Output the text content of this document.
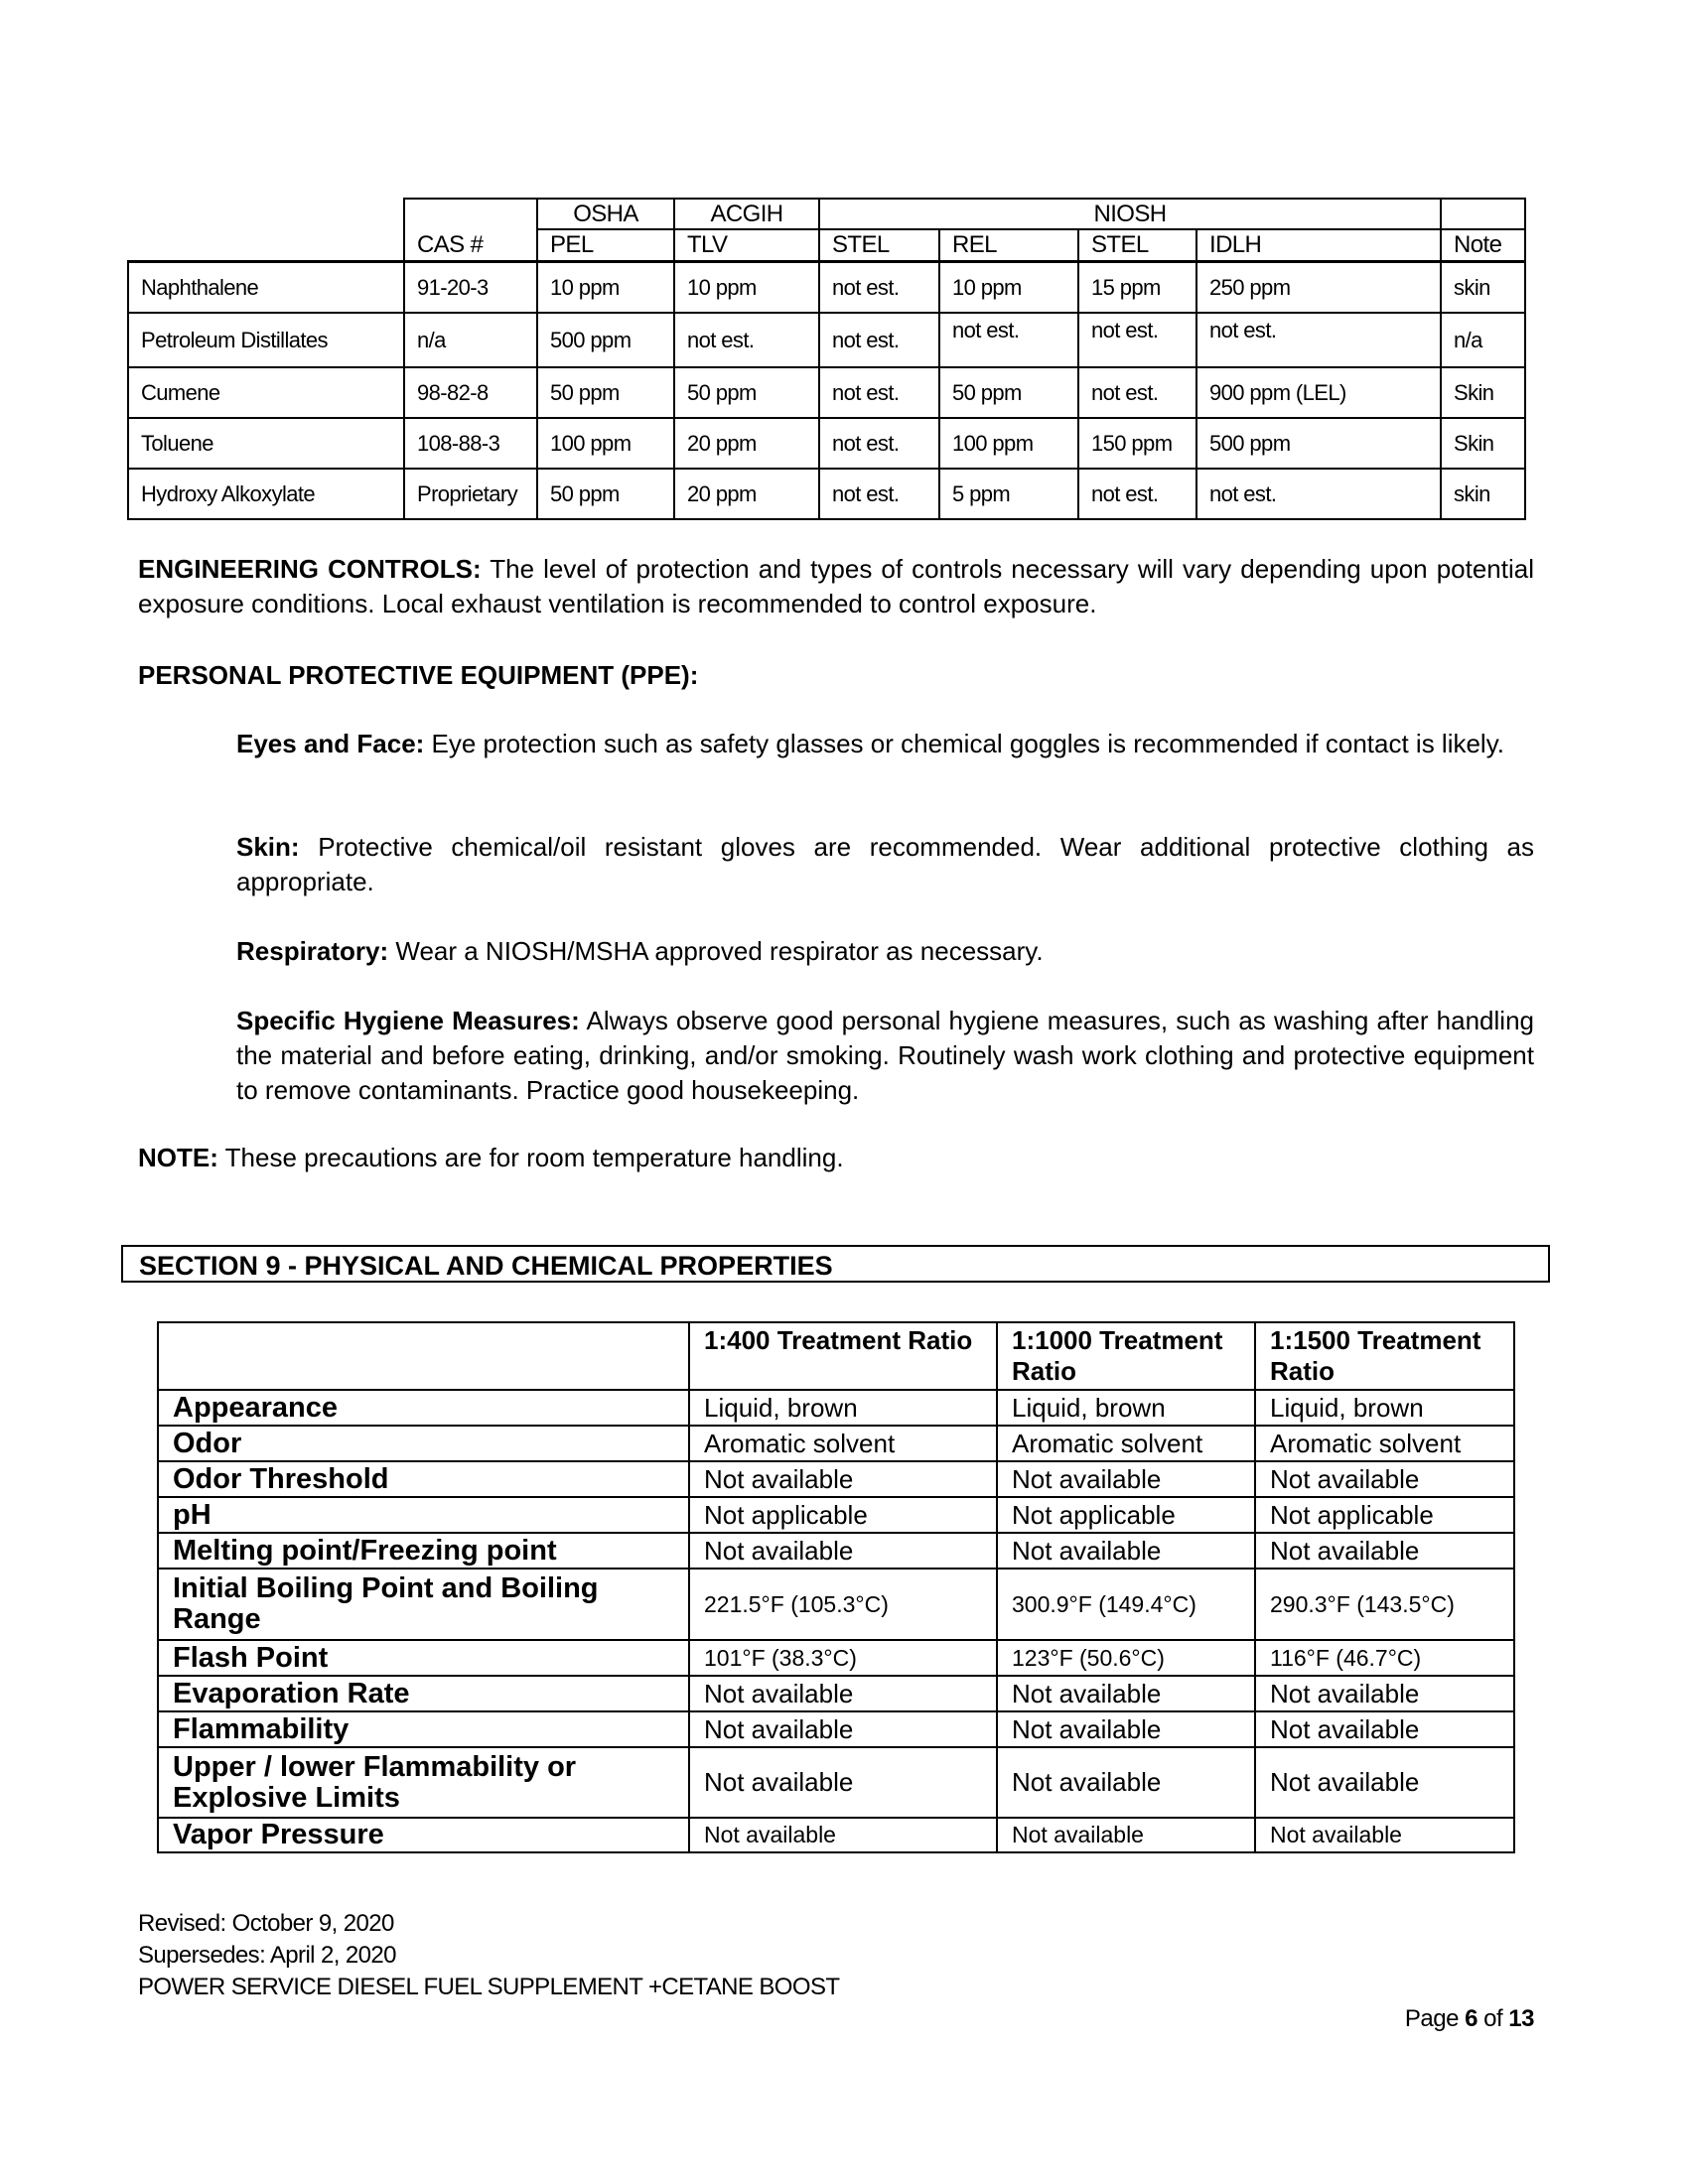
		OSHA	ACGIH	NIOSH				
	CAS #	PEL	TLV	STEL	REL	STEL	IDLH	Note
Naphthalene	91-20-3	10 ppm	10 ppm	not est.	10 ppm	15 ppm	250 ppm	skin
Petroleum Distillates	n/a	500 ppm	not est.	not est.	not est.	not est.	not est.	n/a
Cumene	98-82-8	50 ppm	50 ppm	not est.	50 ppm	not est.	900 ppm (LEL)	Skin
Toluene	108-88-3	100 ppm	20 ppm	not est.	100 ppm	150 ppm	500 ppm	Skin
Hydroxy Alkoxylate	Proprietary	50 ppm	20 ppm	not est.	5 ppm	not est.	not est.	skin
ENGINEERING CONTROLS: The level of protection and types of controls necessary will vary depending upon potential exposure conditions. Local exhaust ventilation is recommended to control exposure.
PERSONAL PROTECTIVE EQUIPMENT (PPE):
Eyes and Face: Eye protection such as safety glasses or chemical goggles is recommended if contact is likely.
Skin: Protective chemical/oil resistant gloves are recommended. Wear additional protective clothing as appropriate.
Respiratory: Wear a NIOSH/MSHA approved respirator as necessary.
Specific Hygiene Measures: Always observe good personal hygiene measures, such as washing after handling the material and before eating, drinking, and/or smoking. Routinely wash work clothing and protective equipment to remove contaminants. Practice good housekeeping.
NOTE: These precautions are for room temperature handling.
SECTION 9 - PHYSICAL AND CHEMICAL PROPERTIES
	1:400 Treatment Ratio	1:1000 Treatment Ratio	1:1500 Treatment Ratio
Appearance	Liquid, brown	Liquid, brown	Liquid, brown
Odor	Aromatic solvent	Aromatic solvent	Aromatic solvent
Odor Threshold	Not available	Not available	Not available
pH	Not applicable	Not applicable	Not applicable
Melting point/Freezing point	Not available	Not available	Not available
Initial Boiling Point and Boiling Range	221.5°F (105.3°C)	300.9°F (149.4°C)	290.3°F (143.5°C)
Flash Point	101°F (38.3°C)	123°F (50.6°C)	116°F (46.7°C)
Evaporation Rate	Not available	Not available	Not available
Flammability	Not available	Not available	Not available
Upper / lower Flammability or Explosive Limits	Not available	Not available	Not available
Vapor Pressure	Not available	Not available	Not available
Revised: October 9, 2020
Supersedes: April 2, 2020
POWER SERVICE DIESEL FUEL SUPPLEMENT +CETANE BOOST
Page 6 of 13
